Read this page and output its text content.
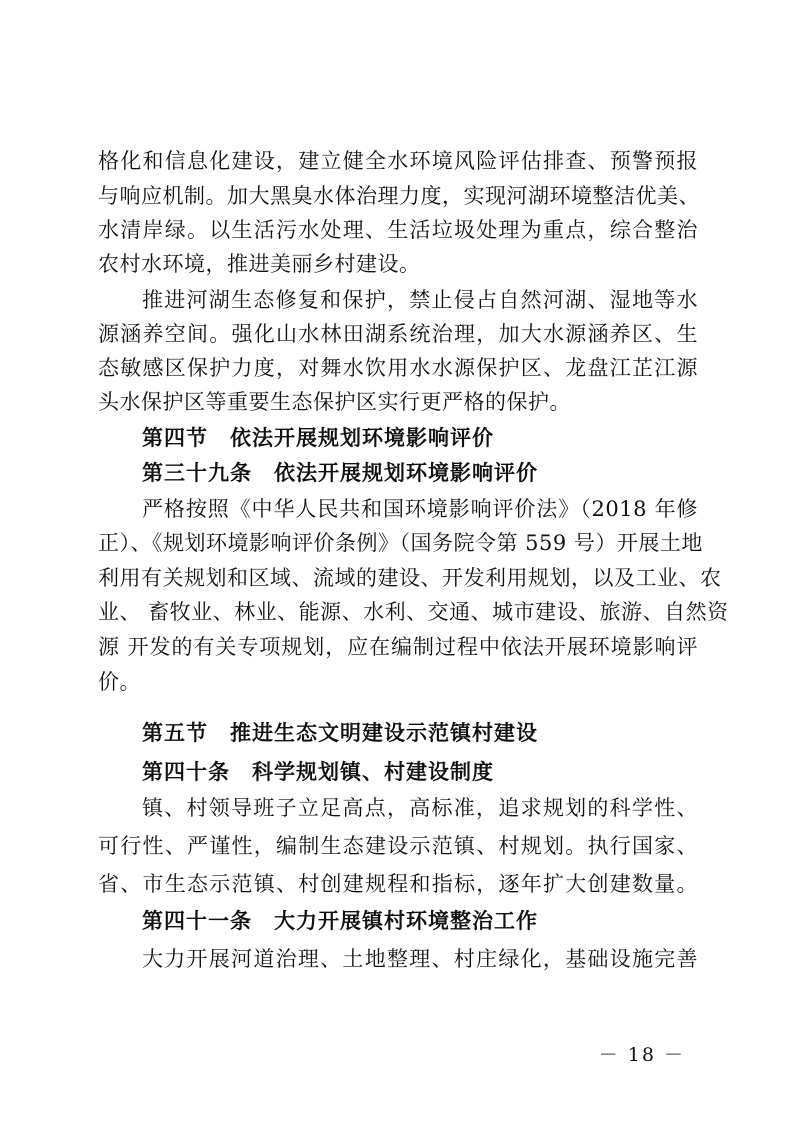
格化和信息化建设，建立健全水环境风险评估排查、预警预报
与响应机制。加大黑臭水体治理力度，实现河湖环境整洁优美、
水清岸绿。以生活污水处理、生活垃圾处理为重点，综合整治
农村水环境，推进美丽乡村建设。
推进河湖生态修复和保护，禁止侵占自然河湖、湿地等水
源涵养空间。强化山水林田湖系统治理，加大水源涵养区、生
态敏感区保护力度，对舞水饮用水水源保护区、龙盘江芷江源
头水保护区等重要生态保护区实行更严格的保护。
第四节　依法开展规划环境影响评价
第三十九条　依法开展规划环境影响评价
严格按照《中华人民共和国环境影响评价法》（2018 年修
正）、《规划环境影响评价条例》（国务院令第 559 号）开展土地
利用有关规划和区域、流域的建设、开发利用规划，以及工业、农
业、 畜牧业、林业、能源、水利、交通、城市建设、旅游、自然资
源 开发的有关专项规划，应在编制过程中依法开展环境影响评
价。
第五节　推进生态文明建设示范镇村建设
第四十条　科学规划镇、村建设制度
镇、村领导班子立足高点，高标准，追求规划的科学性、
可行性、严谨性，编制生态建设示范镇、村规划。执行国家、
省、市生态示范镇、村创建规程和指标，逐年扩大创建数量。
第四十一条　大力开展镇村环境整治工作
大力开展河道治理、土地整理、村庄绿化，基础设施完善
－ 18 －
